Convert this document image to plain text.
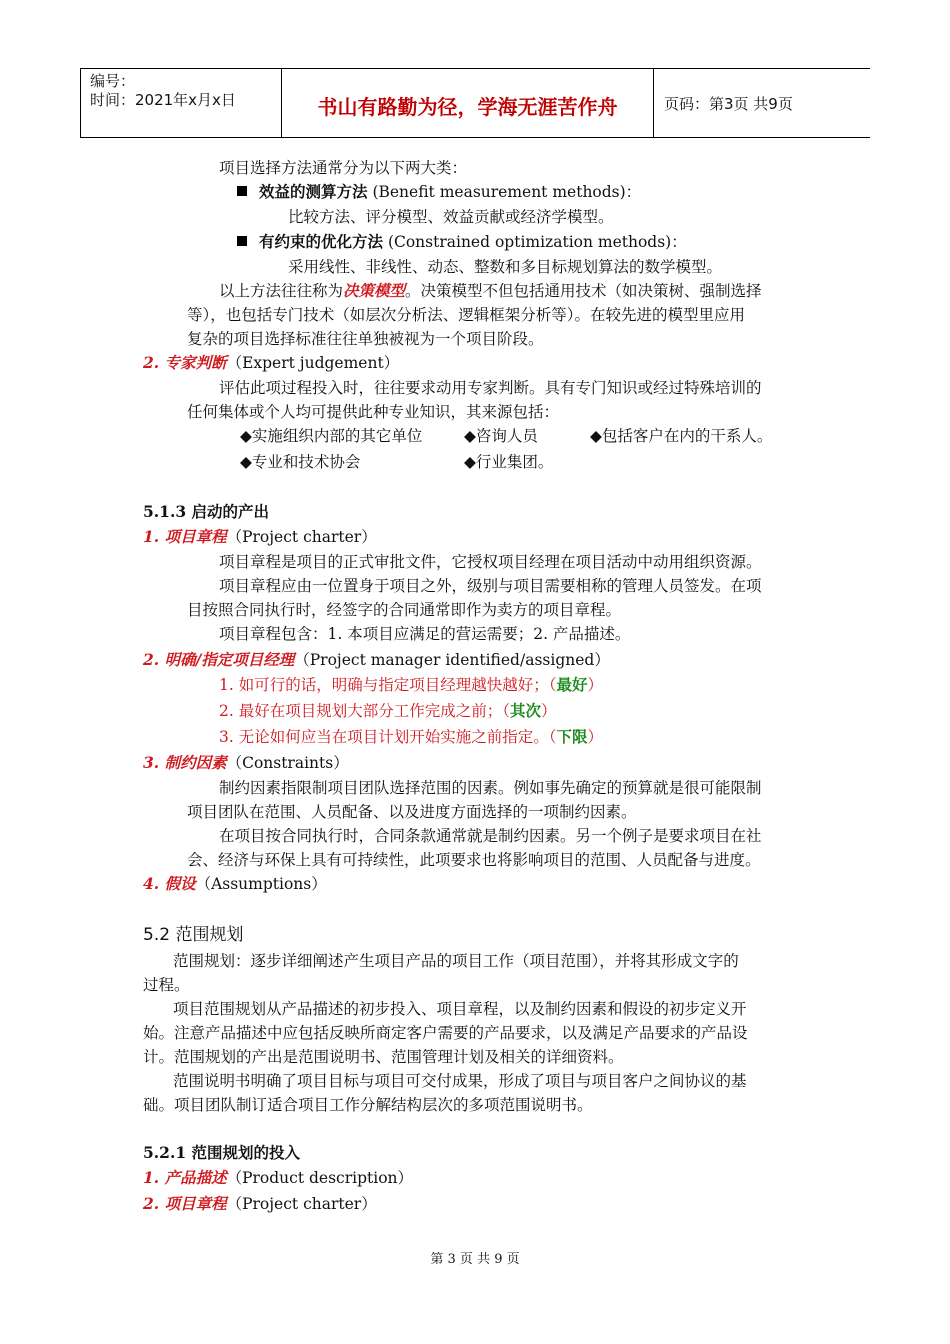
编号：
时间：2021年x月x日	书山有路勤为径，学海无涯苦作舟	页码：第3页 共9页
项目选择方法通常分为以下两大类：
效益的测算方法 (Benefit measurement methods)：
比较方法、评分模型、效益贡献或经济学模型。
有约束的优化方法 (Constrained optimization methods)：
采用线性、非线性、动态、整数和多目标规划算法的数学模型。
以上方法往往称为决策模型。决策模型不但包括通用技术（如决策树、强制选择
等），也包括专门技术（如层次分析法、逻辑框架分析等）。在较先进的模型里应用
复杂的项目选择标准往往单独被视为一个项目阶段。
2. 专家判断（Expert judgement）
评估此项过程投入时，往往要求动用专家判断。具有专门知识或经过特殊培训的
任何集体或个人均可提供此种专业知识，其来源包括：
◆实施组织内部的其它单位	◆咨询人员	◆包括客户在内的干系人。
◆专业和技术协会	◆行业集团。
5.1.3 启动的产出
1. 项目章程（Project charter）
项目章程是项目的正式审批文件，它授权项目经理在项目活动中动用组织资源。
项目章程应由一位置身于项目之外，级别与项目需要相称的管理人员签发。在项
目按照合同执行时，经签字的合同通常即作为卖方的项目章程。
项目章程包含：1. 本项目应满足的营运需要；2. 产品描述。
2. 明确/指定项目经理（Project manager identified/assigned）
1. 如可行的话，明确与指定项目经理越快越好；（最好）
2. 最好在项目规划大部分工作完成之前；（其次）
3. 无论如何应当在项目计划开始实施之前指定。（下限）
3. 制约因素（Constraints）
制约因素指限制项目团队选择范围的因素。例如事先确定的预算就是很可能限制
项目团队在范围、人员配备、以及进度方面选择的一项制约因素。
在项目按合同执行时，合同条款通常就是制约因素。另一个例子是要求项目在社
会、经济与环保上具有可持续性，此项要求也将影响项目的范围、人员配备与进度。
4. 假设（Assumptions）
5.2 范围规划
范围规划：逐步详细阐述产生项目产品的项目工作（项目范围），并将其形成文字的
过程。
项目范围规划从产品描述的初步投入、项目章程，以及制约因素和假设的初步定义开
始。注意产品描述中应包括反映所商定客户需要的产品要求，以及满足产品要求的产品设
计。范围规划的产出是范围说明书、范围管理计划及相关的详细资料。
范围说明书明确了项目目标与项目可交付成果，形成了项目与项目客户之间协议的基
础。项目团队制订适合项目工作分解结构层次的多项范围说明书。
5.2.1 范围规划的投入
1. 产品描述（Product description）
2. 项目章程（Project charter）
第 3 页 共 9 页
